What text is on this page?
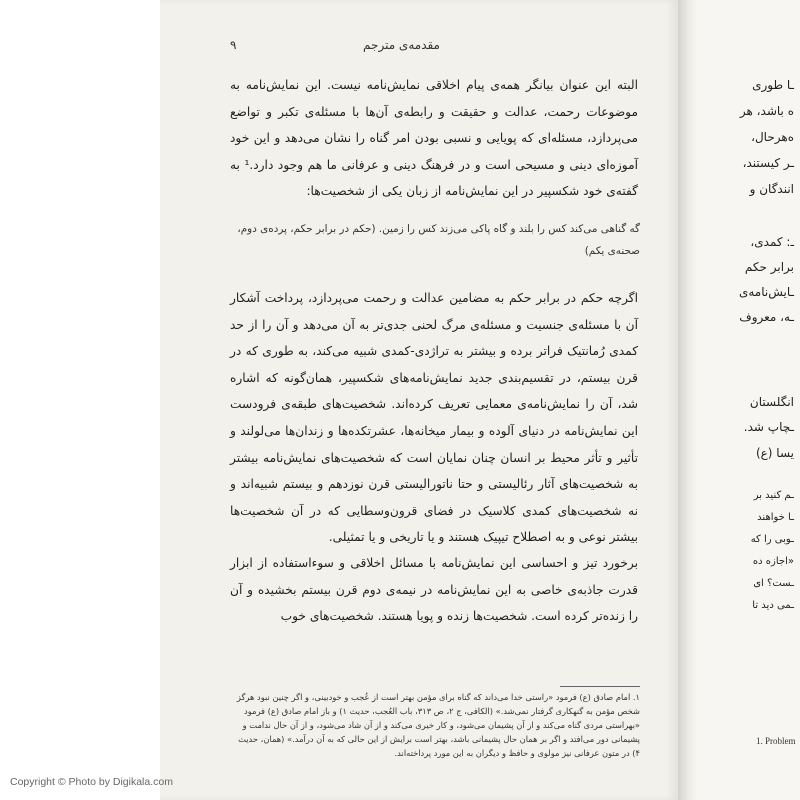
مقدمه‌ی مترجم
۹

البته این عنوان بیانگر همه‌ی پیام اخلاقی نمایش‌نامه نیست. این نمایش‌نامه به موضوعات رحمت، عدالت و حقیقت و رابطه‌ی آن‌ها با مسئله‌ی تکبر و تواضع می‌پردازد، مسئله‌ای که پویایی و نسبی بودن امر گناه را نشان می‌دهد و این خود آموزه‌ای دینی و مسیحی است و در فرهنگ دینی و عرفانی ما هم وجود دارد.¹ به گفته‌ی خود شکسپیر در این نمایش‌نامه از زبان یکی از شخصیت‌ها:

گه گناهی می‌کند کس را بلند و گاه پاکی می‌زند کس را زمین. (حکم در برابر حکم، پرده‌ی دوم، صحنه‌ی یکم)

اگرچه حکم در برابر حکم به مضامین عدالت و رحمت می‌پردازد، پرداخت آشکار آن با مسئله‌ی جنسیت و مسئله‌ی مرگ لحنی جدی‌تر به آن می‌دهد و آن را از حد کمدی رُمانتیک فراتر برده و بیشتر به تراژدی-کمدی شبیه می‌کند، به طوری که در قرن بیستم، در تقسیم‌بندی جدید نمایش‌نامه‌های شکسپیر، همان‌گونه که اشاره شد، آن را نمایش‌نامه‌ی معمایی تعریف کرده‌اند. شخصیت‌های طبقه‌ی فرودست این نمایش‌نامه در دنیای آلوده و بیمار میخانه‌ها، عشرتکده‌ها و زندان‌ها می‌لولند و تأثیر و تأثر محیط بر انسان چنان نمایان است که شخصیت‌های نمایش‌نامه بیشتر به شخصیت‌های آثار رئالیستی و حتا ناتورالیستی قرن نوزدهم و بیستم شبیه‌اند و نه شخصیت‌های کمدی کلاسیک در فضای قرون‌وسطایی که در آن شخصیت‌ها بیشتر نوعی و به اصطلاح تیپیک هستند و یا تاریخی و یا تمثیلی.

برخورد تیز و احساسی این نمایش‌نامه با مسائل اخلاقی و سوءاستفاده از ابزار قدرت جاذبه‌ی خاصی به این نمایش‌نامه در نیمه‌ی دوم قرن بیستم بخشیده و آن را زنده‌تر کرده است. شخصیت‌ها زنده و پویا هستند. شخصیت‌های خوب

۱. امام صادق (ع) فرمود «راستی خدا می‌داند که گناه برای مؤمن بهتر است از عُجب و خودبینی، و اگر چنین نبود هرگز شخص مؤمن به گنهکاری گرفتار نمی‌شد.» (الکافی، ج ۲، ص ۳۱۳، باب العُجب، حدیث ۱) و باز امام صادق (ع) فرمود «بهراستی مردی گناه می‌کند و از آن پشیمان می‌شود، و کار خیری می‌کند و از آن شاد می‌شود، و از آن حال ندامت و پشیمانی دور می‌افتد و اگر بر همان حال پشیمانی باشد، بهتر است برایش از این حالی که به آن درآمد.» (همان، حدیث ۴) در متون عرفانی نیز مولوی و حافظ و دیگران به این مورد پرداخته‌اند.

ـا طوری
ه باشد، هر
ه‌هرحال،
ـر کیستند،
انندگان و
ـ: کمدی،
برابر حکم
ـایش‌نامه‌ی
ـه، معروف
انگلستان
ـچاپ شد.
یسا (ع)
ـم کنید بر
ـا خواهند
ـوبی را که
«اجازه ده
ـست؟ ای
ـمی دید تا
1. Problem
Copyright © Photo by Digikala.com
